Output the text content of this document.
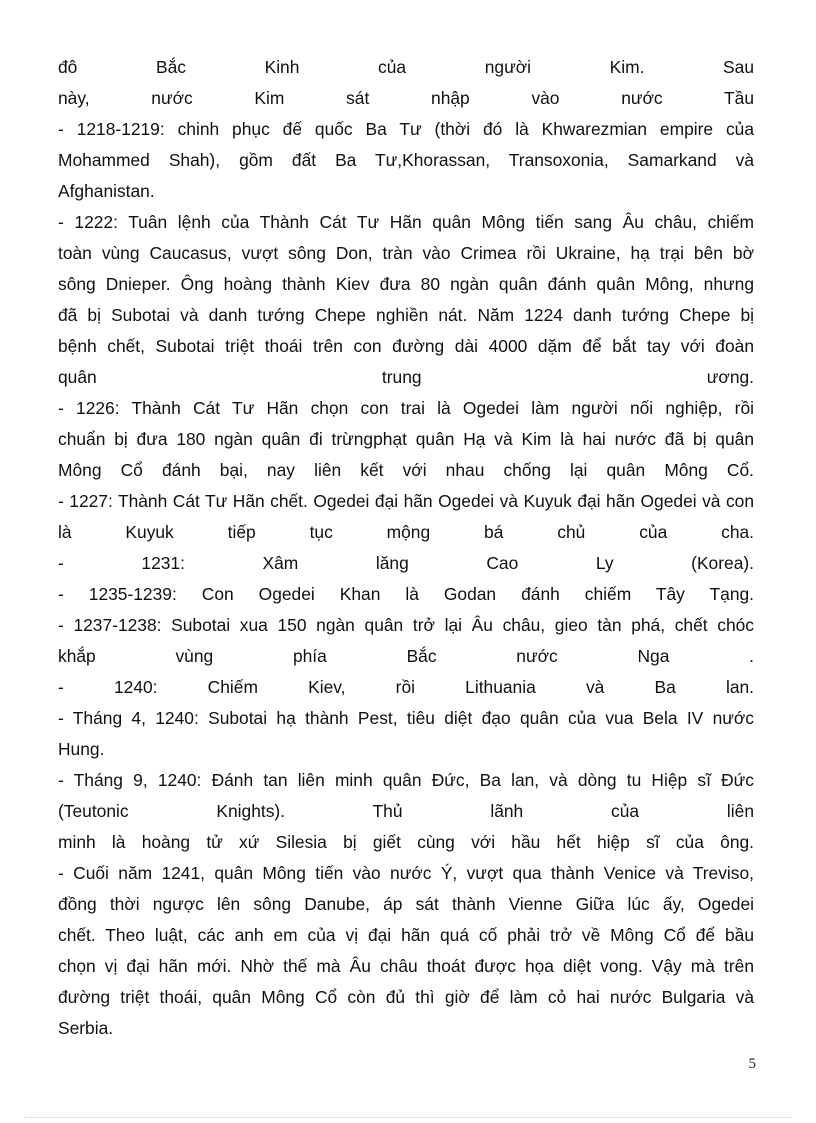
đô Bắc Kinh của người Kim. Sau
này, nước Kim sát nhập vào nước Tầu
- 1218-1219: chinh phục đế quốc Ba Tư (thời đó là Khwarezmian empire của
Mohammed Shah), gồm đất Ba Tư,Khorassan, Transoxonia, Samarkand và
Afghanistan.
- 1222: Tuân lệnh của Thành Cát Tư Hãn quân Mông tiến sang Âu châu, chiếm
toàn vùng Caucasus, vượt sông Don, tràn vào Crimea rồi Ukraine, hạ trại bên bờ
sông Dnieper. Ông hoàng thành Kiev đưa 80 ngàn quân đánh quân Mông, nhưng
đã bị Subotai và danh tướng Chepe nghiền nát. Năm 1224 danh tướng Chepe bị
bệnh chết, Subotai triệt thoái trên con đường dài 4000 dặm để bắt tay với đoàn
quân trung ương.
- 1226: Thành Cát Tư Hãn chọn con trai là Ogedei làm người nối nghiệp, rồi
chuẩn bị đưa 180 ngàn quân đi trừngphạt quân Hạ và Kim là hai nước đã bị quân
Mông Cổ đánh bại, nay liên kết với nhau chống lại quân Mông Cổ.
- 1227: Thành Cát Tư Hãn chết. Ogedei đại hãn Ogedei và Kuyuk đại hãn Ogedei và con
là Kuyuk tiếp tục mộng bá chủ của cha.
- 1231: Xâm lăng Cao Ly (Korea).
- 1235-1239: Con Ogedei Khan là Godan đánh chiếm Tây Tạng.
- 1237-1238: Subotai xua 150 ngàn quân trở lại Âu châu, gieo tàn phá, chết chóc
khắp vùng phía Bắc nước Nga .
- 1240: Chiếm Kiev, rồi Lithuania và Ba lan.
- Tháng 4, 1240: Subotai hạ thành Pest, tiêu diệt đạo quân của vua Bela IV nước
Hung.
- Tháng 9, 1240: Đánh tan liên minh quân Đức, Ba lan, và dòng tu Hiệp sĩ Đức
(Teutonic Knights). Thủ lãnh của liên
minh là hoàng tử xứ Silesia bị giết cùng với hầu hết hiệp sĩ của ông.
- Cuối năm 1241, quân Mông tiến vào nước Ý, vượt qua thành Venice và Treviso,
đồng thời ngược lên sông Danube, áp sát thành Vienne Giữa lúc ấy, Ogedei
chết. Theo luật, các anh em của vị đại hãn quá cố phải trở về Mông Cổ để bầu
chọn vị đại hãn mới. Nhờ thế mà Âu châu thoát được họa diệt vong. Vậy mà trên
đường triệt thoái, quân Mông Cổ còn đủ thì giờ để làm cỏ hai nước Bulgaria và
Serbia.
5
